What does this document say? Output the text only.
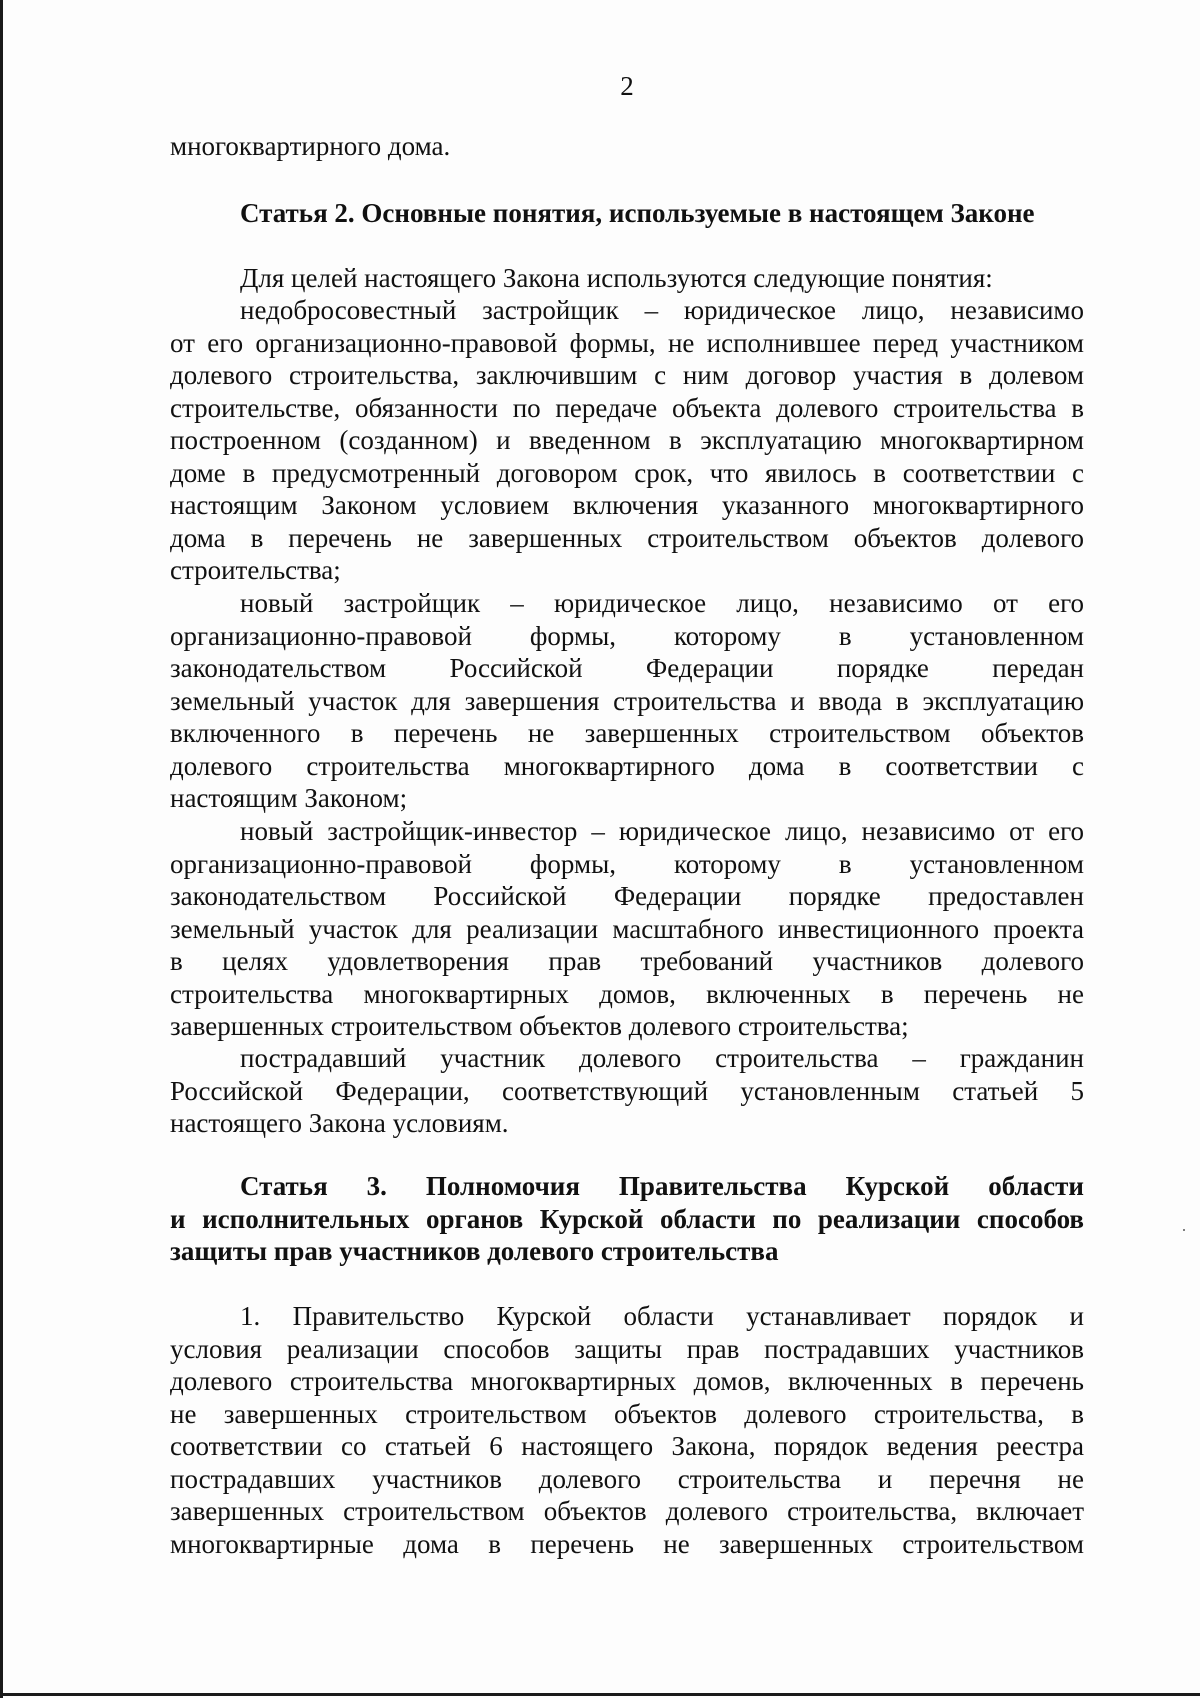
2
многоквартирного дома.
Статья 2. Основные понятия, используемые в настоящем Законе
Для целей настоящего Закона используются следующие понятия:
недобросовестный застройщик – юридическое лицо, независимо
от его организационно-правовой формы, не исполнившее перед участником
долевого строительства, заключившим с ним договор участия в долевом
строительстве, обязанности по передаче объекта долевого строительства в
построенном (созданном) и введенном в эксплуатацию многоквартирном
доме в предусмотренный договором срок, что явилось в соответствии с
настоящим Законом условием включения указанного многоквартирного
дома в перечень не завершенных строительством объектов долевого
строительства;
новый застройщик – юридическое лицо, независимо от его
организационно-правовой формы, которому в установленном
законодательством Российской Федерации порядке передан
земельный участок для завершения строительства и ввода в эксплуатацию
включенного в перечень не завершенных строительством объектов
долевого строительства многоквартирного дома в соответствии с
настоящим Законом;
новый застройщик-инвестор – юридическое лицо, независимо от его
организационно-правовой формы, которому в установленном
законодательством Российской Федерации порядке предоставлен
земельный участок для реализации масштабного инвестиционного проекта
в целях удовлетворения прав требований участников долевого
строительства многоквартирных домов, включенных в перечень не
завершенных строительством объектов долевого строительства;
пострадавший участник долевого строительства – гражданин
Российской Федерации, соответствующий установленным статьей 5
настоящего Закона условиям.
Статья 3. Полномочия Правительства Курской области
и исполнительных органов Курской области по реализации способов
защиты прав участников долевого строительства
1. Правительство Курской области устанавливает порядок и
условия реализации способов защиты прав пострадавших участников
долевого строительства многоквартирных домов, включенных в перечень
не завершенных строительством объектов долевого строительства, в
соответствии со статьей 6 настоящего Закона, порядок ведения реестра
пострадавших участников долевого строительства и перечня не
завершенных строительством объектов долевого строительства, включает
многоквартирные дома в перечень не завершенных строительством
